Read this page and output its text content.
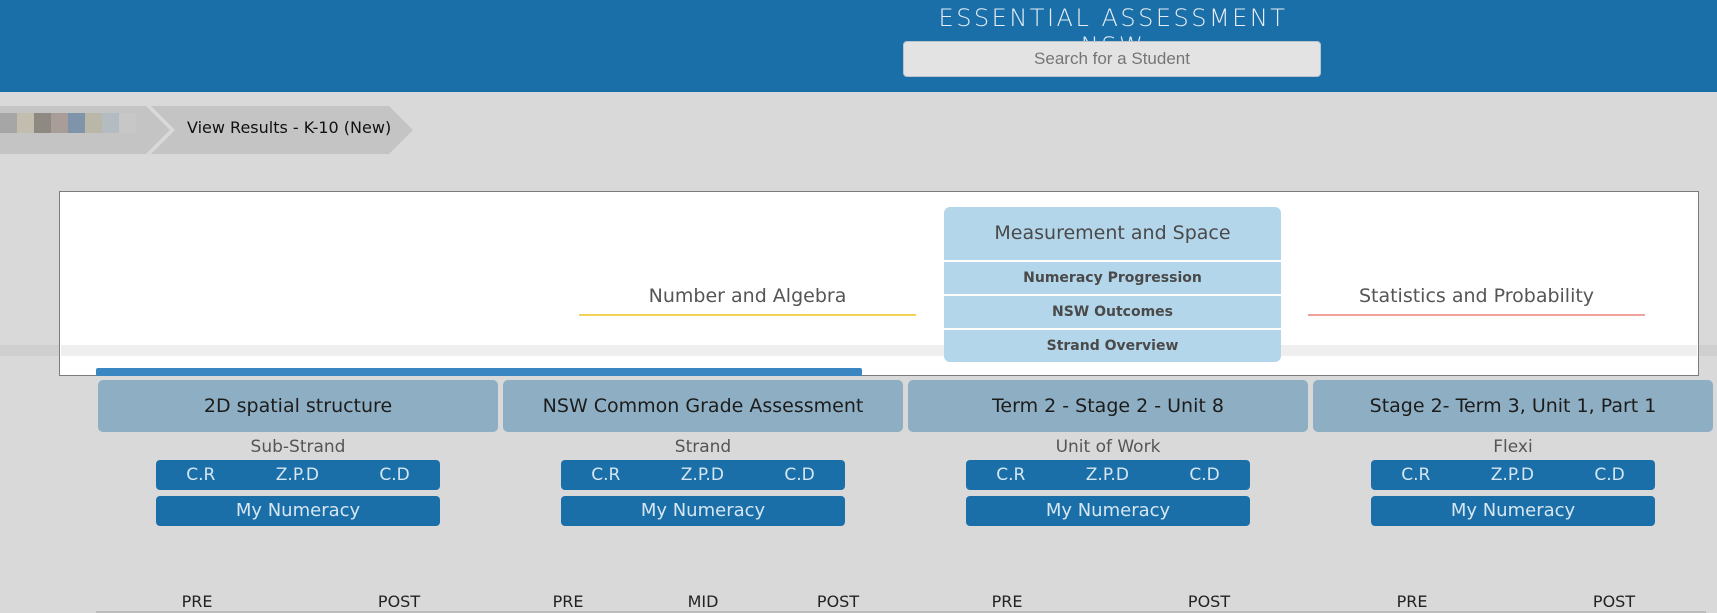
ESSENTIAL ASSESSMENT
Search for a Student
View Results - K-10 (New)
Number and Algebra
Measurement and Space
Numeracy Progression
NSW Outcomes
Strand Overview
Statistics and Probability
2D spatial structure
Sub-Strand
C.R	Z.P.D	C.D
My Numeracy
NSW Common Grade Assessment
Strand
C.R	Z.P.D	C.D
My Numeracy
Term 2 - Stage 2 - Unit 8
Unit of Work
C.R	Z.P.D	C.D
My Numeracy
Stage 2- Term 3, Unit 1, Part 1
Flexi
C.R	Z.P.D	C.D
My Numeracy
PRE	POST	PRE	MID	POST	PRE	POST	PRE	POST
